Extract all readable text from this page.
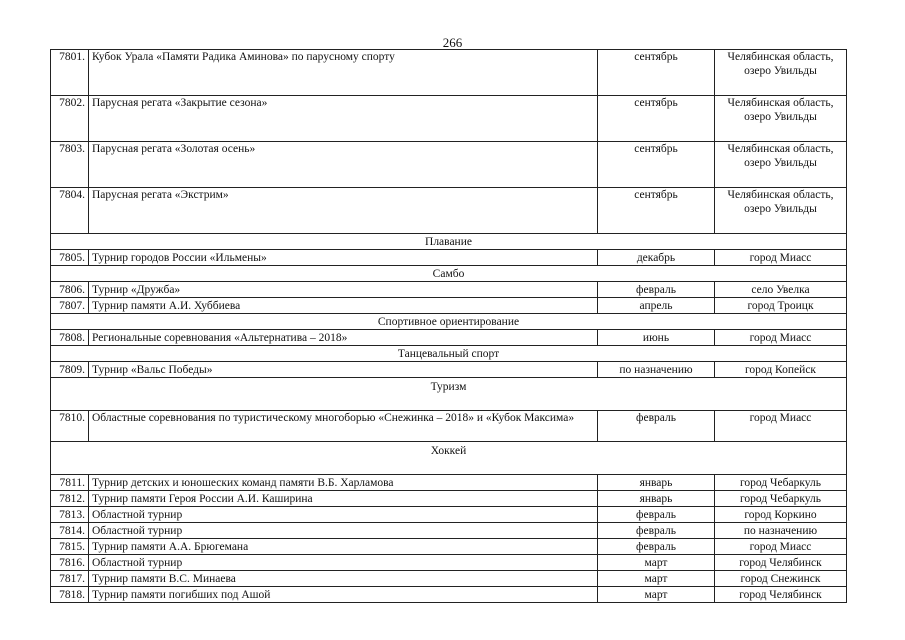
266
7801.	Кубок Урала «Памяти Радика Аминова» по парусному спорту	сентябрь	Челябинская область, озеро Увильды
7802.	Парусная регата «Закрытие сезона»	сентябрь	Челябинская область, озеро Увильды
7803.	Парусная регата «Золотая осень»	сентябрь	Челябинская область, озеро Увильды
7804.	Парусная регата «Экстрим»	сентябрь	Челябинская область, озеро Увильды
Плавание			
7805.	Турнир городов России «Ильмены»	декабрь	город Миасс
Самбо			
7806.	Турнир «Дружба»	февраль	село Увелка
7807.	Турнир памяти А.И. Хуббиева	апрель	город Троицк
Спортивное ориентирование			
7808.	Региональные соревнования «Альтернатива – 2018»	июнь	город Миасс
Танцевальный спорт			
7809.	Турнир «Вальс Победы»	по назначению	город Копейск
Туризм			
7810.	Областные соревнования по туристическому многоборью «Снежинка – 2018» и «Кубок Максима»	февраль	город Миасс
Хоккей			
7811.	Турнир детских и юношеских команд памяти В.Б. Харламова	январь	город Чебаркуль
7812.	Турнир памяти Героя России А.И. Каширина	январь	город Чебаркуль
7813.	Областной турнир	февраль	город Коркино
7814.	Областной турнир	февраль	по назначению
7815.	Турнир памяти А.А. Брюгемана	февраль	город Миасс
7816.	Областной турнир	март	город Челябинск
7817.	Турнир памяти В.С. Минаева	март	город Снежинск
7818.	Турнир памяти погибших под Ашой	март	город Челябинск
